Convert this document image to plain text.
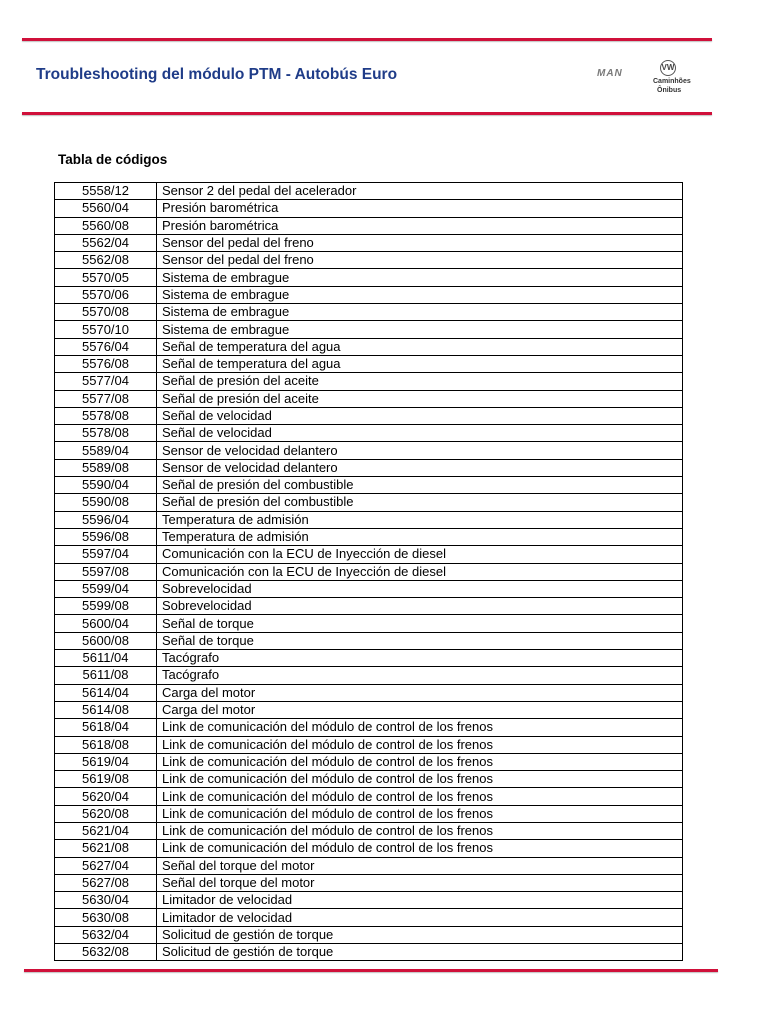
Troubleshooting del módulo PTM - Autobús Euro	MAN
VW
Caminhões
Ônibus
Tabla de códigos
5558/12	Sensor 2 del pedal del acelerador
5560/04	Presión barométrica
5560/08	Presión barométrica
5562/04	Sensor del pedal del freno
5562/08	Sensor del pedal del freno
5570/05	Sistema de embrague
5570/06	Sistema de embrague
5570/08	Sistema de embrague
5570/10	Sistema de embrague
5576/04	Señal de temperatura del agua
5576/08	Señal de temperatura del agua
5577/04	Señal de presión del aceite
5577/08	Señal de presión del aceite
5578/08	Señal de velocidad
5578/08	Señal de velocidad
5589/04	Sensor de velocidad delantero
5589/08	Sensor de velocidad delantero
5590/04	Señal de presión del combustible
5590/08	Señal de presión del combustible
5596/04	Temperatura de admisión
5596/08	Temperatura de admisión
5597/04	Comunicación con la ECU de Inyección de diesel
5597/08	Comunicación con la ECU de Inyección de diesel
5599/04	Sobrevelocidad
5599/08	Sobrevelocidad
5600/04	Señal de torque
5600/08	Señal de torque
5611/04	Tacógrafo
5611/08	Tacógrafo
5614/04	Carga del motor
5614/08	Carga del motor
5618/04	Link de comunicación del módulo de control de los frenos
5618/08	Link de comunicación del módulo de control de los frenos
5619/04	Link de comunicación del módulo de control de los frenos
5619/08	Link de comunicación del módulo de control de los frenos
5620/04	Link de comunicación del módulo de control de los frenos
5620/08	Link de comunicación del módulo de control de los frenos
5621/04	Link de comunicación del módulo de control de los frenos
5621/08	Link de comunicación del módulo de control de los frenos
5627/04	Señal del torque del motor
5627/08	Señal del torque del motor
5630/04	Limitador de velocidad
5630/08	Limitador de velocidad
5632/04	Solicitud de gestión de torque
5632/08	Solicitud de gestión de torque
